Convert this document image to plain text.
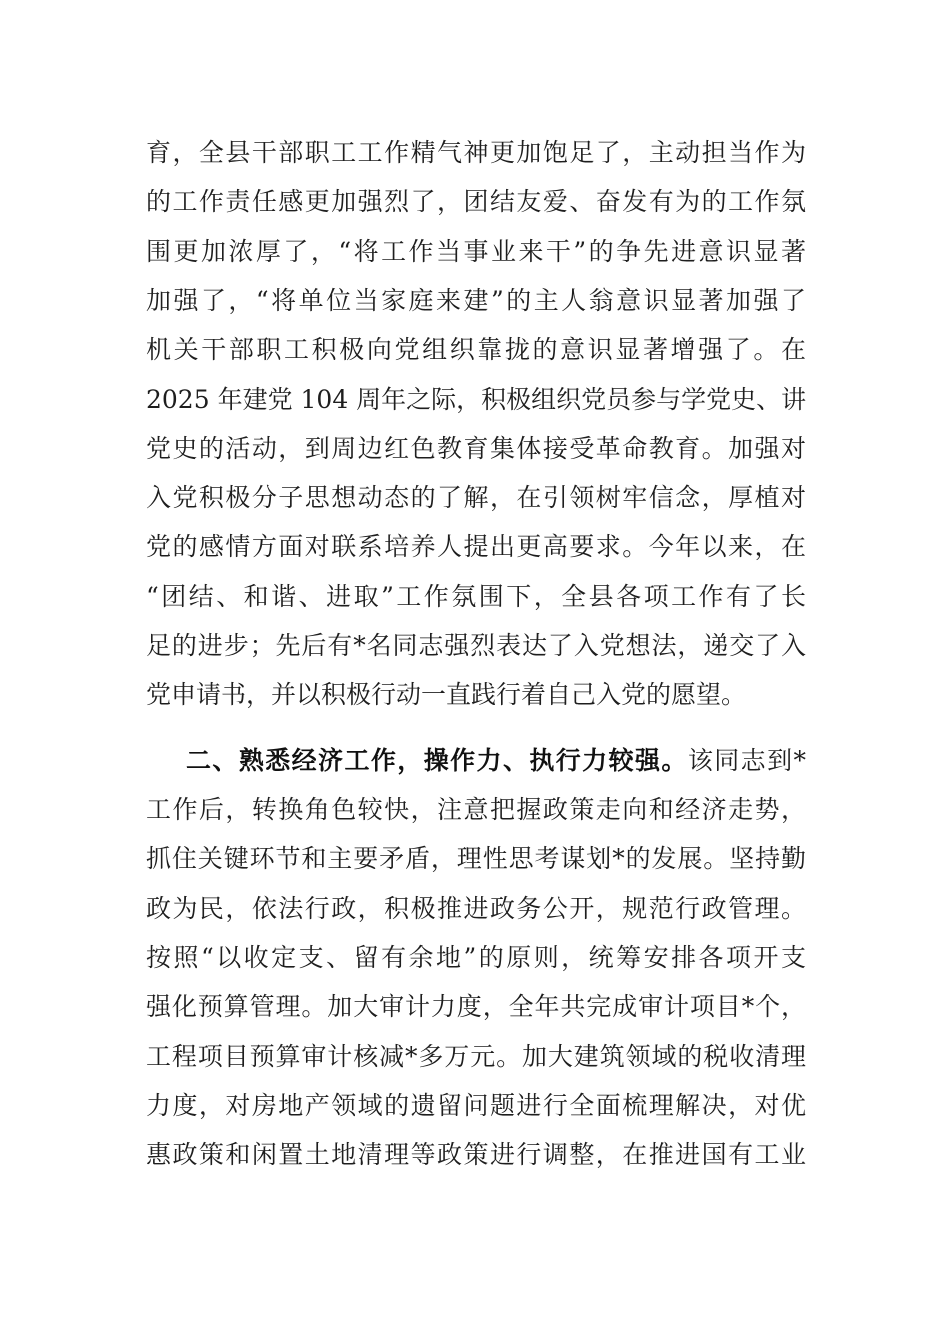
育，全县干部职工工作精气神更加饱足了，主动担当作为

的工作责任感更加强烈了，团结友爱、奋发有为的工作氛

围更加浓厚了，“将工作当事业来干”的争先进意识显著

加强了，“将单位当家庭来建”的主人翁意识显著加强了

机关干部职工积极向党组织靠拢的意识显著增强了。在

2025 年建党 104 周年之际，积极组织党员参与学党史、讲

党史的活动，到周边红色教育集体接受革命教育。加强对

入党积极分子思想动态的了解，在引领树牢信念，厚植对

党的感情方面对联系培养人提出更高要求。今年以来，在

“团结、和谐、进取”工作氛围下，全县各项工作有了长

足的进步；先后有*名同志强烈表达了入党想法，递交了入

党申请书，并以积极行动一直践行着自己入党的愿望。

二、熟悉经济工作，操作力、执行力较强。该同志到*

工作后，转换角色较快，注意把握政策走向和经济走势，

抓住关键环节和主要矛盾，理性思考谋划*的发展。坚持勤

政为民，依法行政，积极推进政务公开，规范行政管理。

按照“以收定支、留有余地”的原则，统筹安排各项开支

强化预算管理。加大审计力度，全年共完成审计项目*个，

工程项目预算审计核减*多万元。加大建筑领域的税收清理

力度，对房地产领域的遗留问题进行全面梳理解决，对优

惠政策和闲置土地清理等政策进行调整，在推进国有工业
